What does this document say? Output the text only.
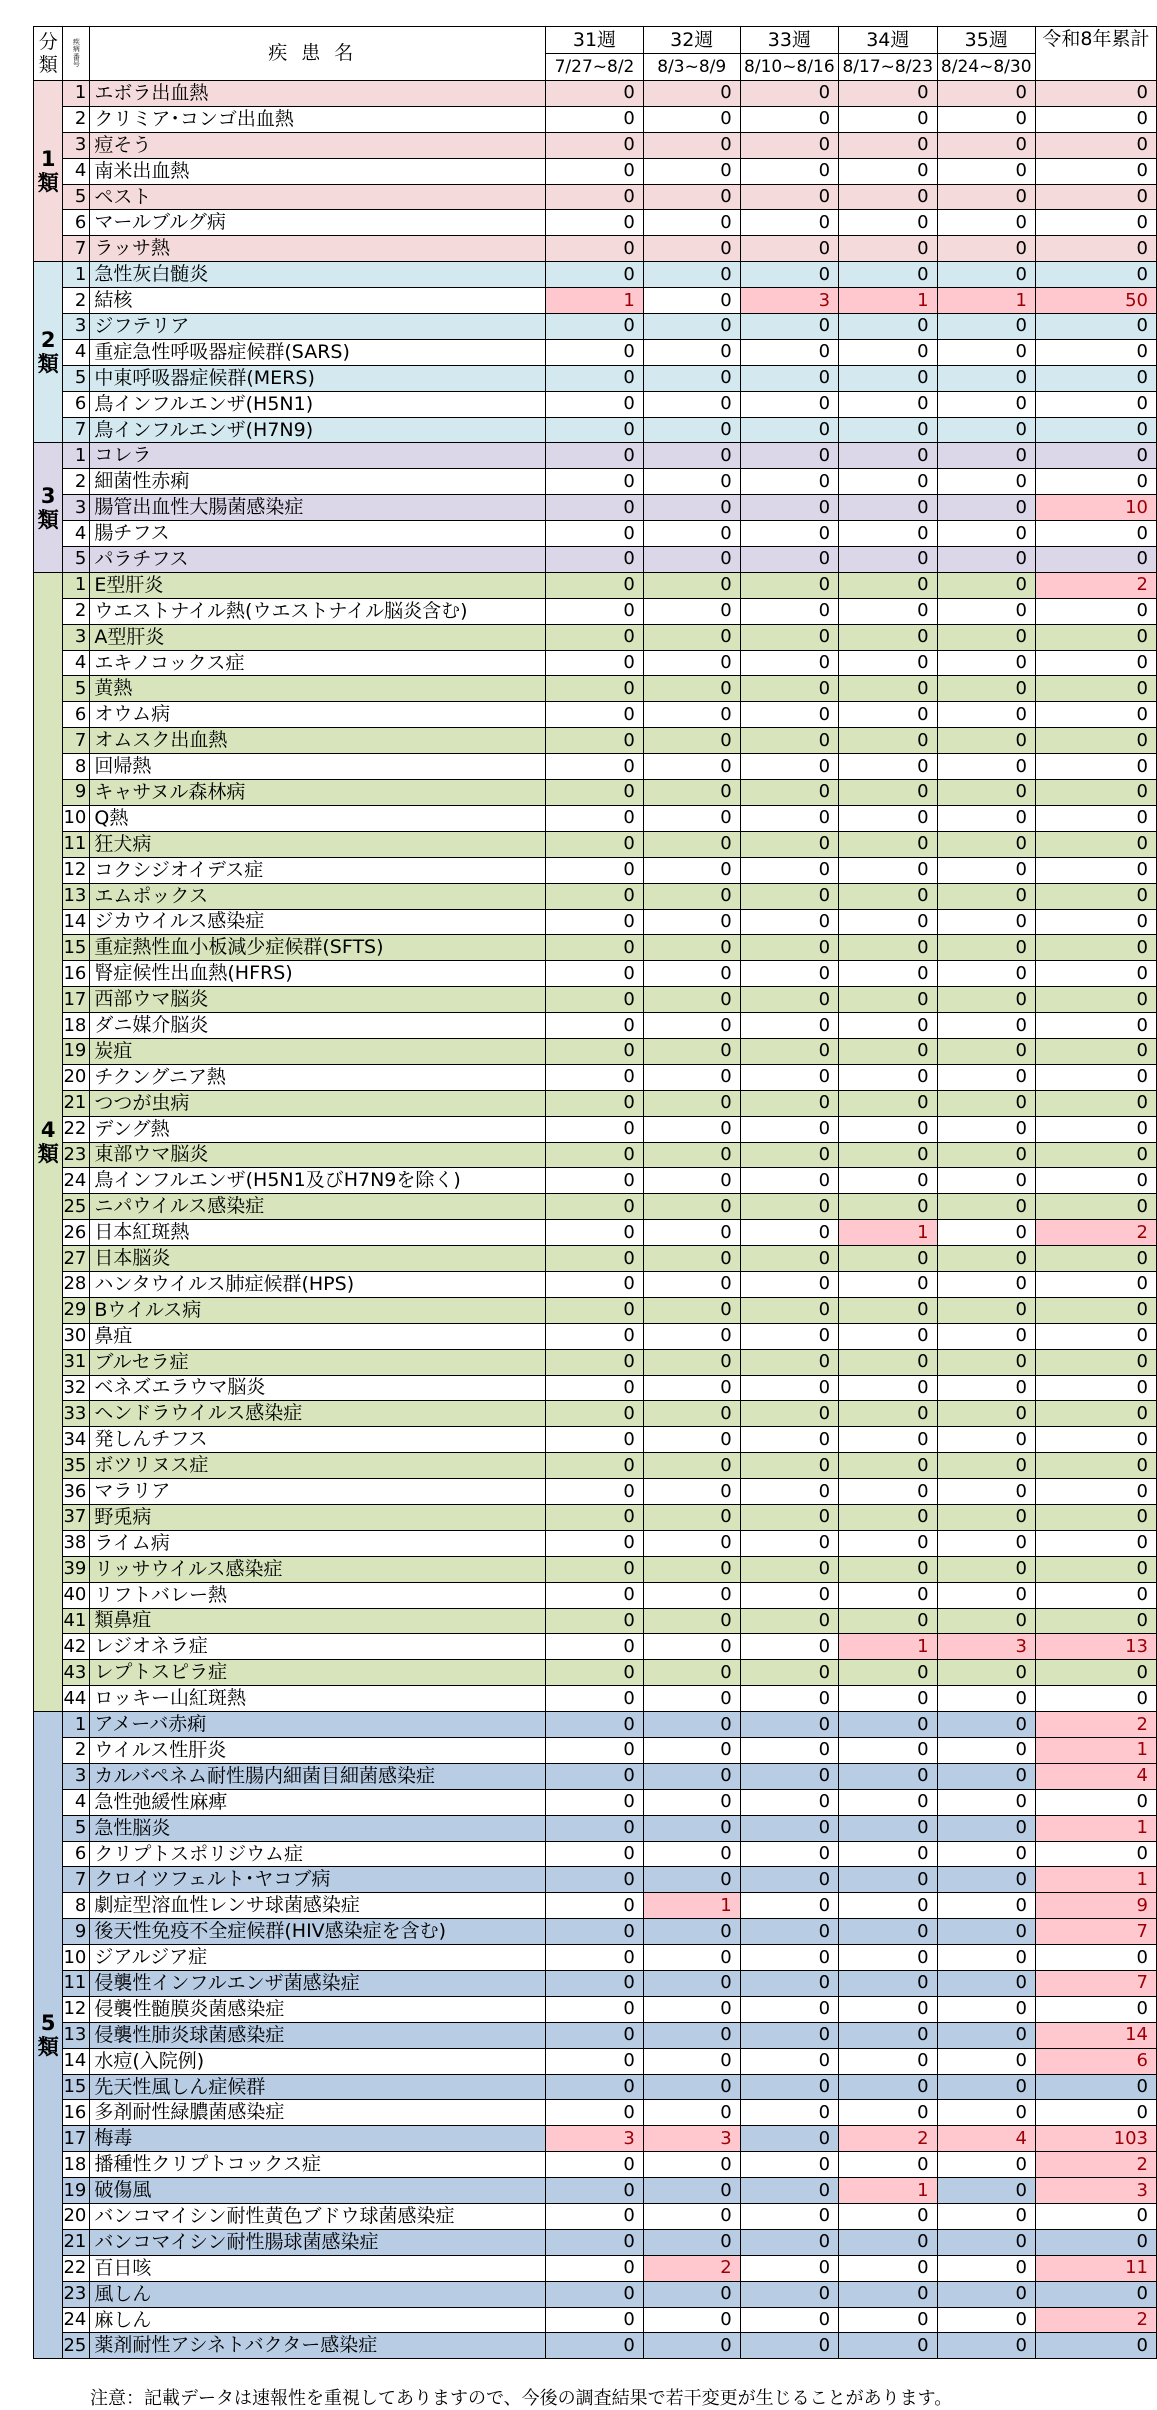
分類	疾病番号	疾患名	31週	32週	33週	34週	35週	令和8年累計
			7/27~8/2	8/3~8/9	8/10~8/16	8/17~8/23	8/24~8/30	

1類	1	エボラ出血熱	0	0	0	0	0	0
	2	クリミア･コンゴ出血熱	0	0	0	0	0	0
	3	痘そう	0	0	0	0	0	0
	4	南米出血熱	0	0	0	0	0	0
	5	ペスト	0	0	0	0	0	0
	6	マールブルグ病	0	0	0	0	0	0
	7	ラッサ熱	0	0	0	0	0	0

2類	1	急性灰白髄炎	0	0	0	0	0	0
	2	結核	1	0	3	1	1	50
	3	ジフテリア	0	0	0	0	0	0
	4	重症急性呼吸器症候群(SARS)	0	0	0	0	0	0
	5	中東呼吸器症候群(MERS)	0	0	0	0	0	0
	6	鳥インフルエンザ(H5N1)	0	0	0	0	0	0
	7	鳥インフルエンザ(H7N9)	0	0	0	0	0	0

3類	1	コレラ	0	0	0	0	0	0
	2	細菌性赤痢	0	0	0	0	0	0
	3	腸管出血性大腸菌感染症	0	0	0	0	0	10
	4	腸チフス	0	0	0	0	0	0
	5	パラチフス	0	0	0	0	0	0

4類	1	E型肝炎	0	0	0	0	0	2
	2	ウエストナイル熱(ウエストナイル脳炎含む)	0	0	0	0	0	0
	3	A型肝炎	0	0	0	0	0	0
	4	エキノコックス症	0	0	0	0	0	0
	5	黄熱	0	0	0	0	0	0
	6	オウム病	0	0	0	0	0	0
	7	オムスク出血熱	0	0	0	0	0	0
	8	回帰熱	0	0	0	0	0	0
	9	キャサヌル森林病	0	0	0	0	0	0
	10	Q熱	0	0	0	0	0	0
	11	狂犬病	0	0	0	0	0	0
	12	コクシジオイデス症	0	0	0	0	0	0
	13	エムポックス	0	0	0	0	0	0
	14	ジカウイルス感染症	0	0	0	0	0	0
	15	重症熱性血小板減少症候群(SFTS)	0	0	0	0	0	0
	16	腎症候性出血熱(HFRS)	0	0	0	0	0	0
	17	西部ウマ脳炎	0	0	0	0	0	0
	18	ダニ媒介脳炎	0	0	0	0	0	0
	19	炭疽	0	0	0	0	0	0
	20	チクングニア熱	0	0	0	0	0	0
	21	つつが虫病	0	0	0	0	0	0
	22	デング熱	0	0	0	0	0	0
	23	東部ウマ脳炎	0	0	0	0	0	0
	24	鳥インフルエンザ(H5N1及びH7N9を除く)	0	0	0	0	0	0
	25	ニパウイルス感染症	0	0	0	0	0	0
	26	日本紅斑熱	0	0	0	1	0	2
	27	日本脳炎	0	0	0	0	0	0
	28	ハンタウイルス肺症候群(HPS)	0	0	0	0	0	0
	29	Bウイルス病	0	0	0	0	0	0
	30	鼻疽	0	0	0	0	0	0
	31	ブルセラ症	0	0	0	0	0	0
	32	ベネズエラウマ脳炎	0	0	0	0	0	0
	33	ヘンドラウイルス感染症	0	0	0	0	0	0
	34	発しんチフス	0	0	0	0	0	0
	35	ボツリヌス症	0	0	0	0	0	0
	36	マラリア	0	0	0	0	0	0
	37	野兎病	0	0	0	0	0	0
	38	ライム病	0	0	0	0	0	0
	39	リッサウイルス感染症	0	0	0	0	0	0
	40	リフトバレー熱	0	0	0	0	0	0
	41	類鼻疽	0	0	0	0	0	0
	42	レジオネラ症	0	0	0	1	3	13
	43	レプトスピラ症	0	0	0	0	0	0
	44	ロッキー山紅斑熱	0	0	0	0	0	0

5類	1	アメーバ赤痢	0	0	0	0	0	2
	2	ウイルス性肝炎	0	0	0	0	0	1
	3	カルバペネム耐性腸内細菌目細菌感染症	0	0	0	0	0	4
	4	急性弛緩性麻痺	0	0	0	0	0	0
	5	急性脳炎	0	0	0	0	0	1
	6	クリプトスポリジウム症	0	0	0	0	0	0
	7	クロイツフェルト･ヤコブ病	0	0	0	0	0	1
	8	劇症型溶血性レンサ球菌感染症	0	1	0	0	0	9
	9	後天性免疫不全症候群(HIV感染症を含む)	0	0	0	0	0	7
	10	ジアルジア症	0	0	0	0	0	0
	11	侵襲性インフルエンザ菌感染症	0	0	0	0	0	7
	12	侵襲性髄膜炎菌感染症	0	0	0	0	0	0
	13	侵襲性肺炎球菌感染症	0	0	0	0	0	14
	14	水痘(入院例)	0	0	0	0	0	6
	15	先天性風しん症候群	0	0	0	0	0	0
	16	多剤耐性緑膿菌感染症	0	0	0	0	0	0
	17	梅毒	3	3	0	2	4	103
	18	播種性クリプトコックス症	0	0	0	0	0	2
	19	破傷風	0	0	0	1	0	3
	20	バンコマイシン耐性黄色ブドウ球菌感染症	0	0	0	0	0	0
	21	バンコマイシン耐性腸球菌感染症	0	0	0	0	0	0
	22	百日咳	0	2	0	0	0	11
	23	風しん	0	0	0	0	0	0
	24	麻しん	0	0	0	0	0	2
	25	薬剤耐性アシネトバクター感染症	0	0	0	0	0	0
注意：記載データは速報性を重視してありますので、今後の調査結果で若干変更が生じることがあります。
